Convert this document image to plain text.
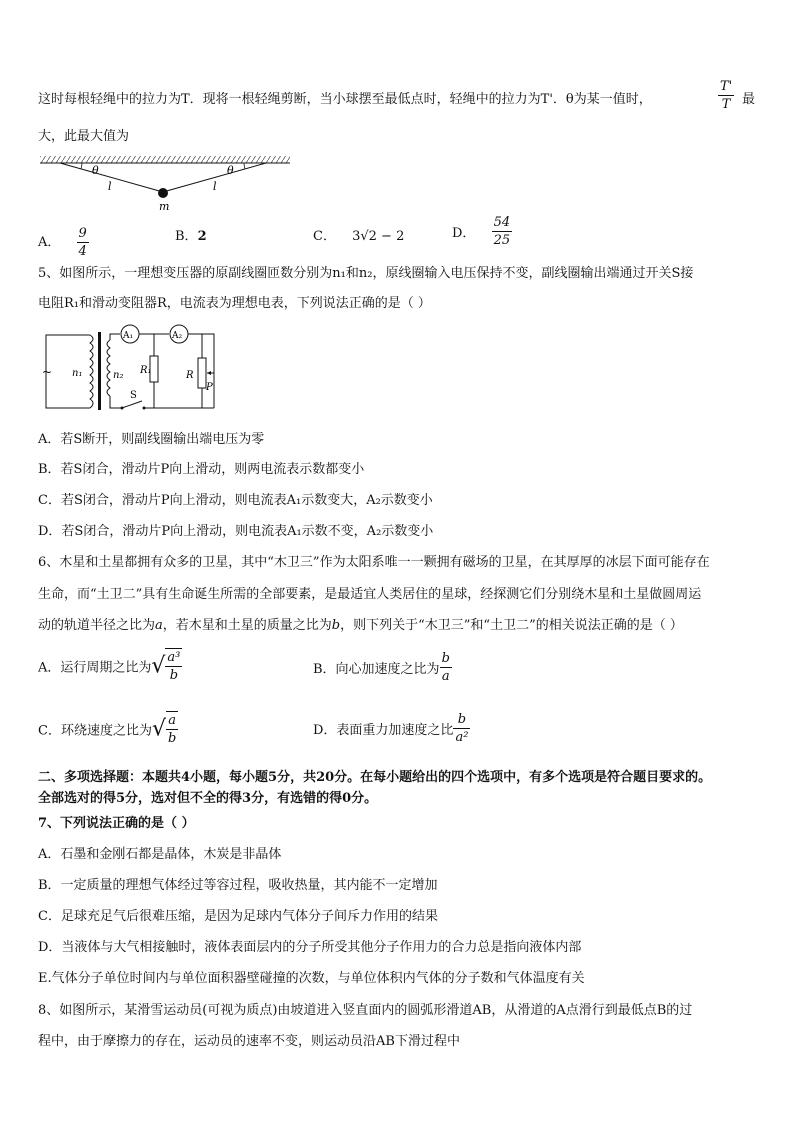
这时每根轻绳中的拉力为T．现将一根轻绳剪断，当小球摆至最低点时，轻绳中的拉力为T'．θ为某一值时，	$\frac{T'}{T}$ 最
大，此最大值为
θ	θ
l	l
m
A． $\frac{9}{4}$	B．2	C． 3√2 − 2	D． $\frac{54}{25}$
5、如图所示，一理想变压器的原副线圈匝数分别为n₁和n₂，原线圈输入电压保持不变，副线圈输出端通过开关S接
电阻R₁和滑动变阻器R，电流表为理想电表，下列说法正确的是（ ）
~ n₁	n₂
A₁	A₂
S
R₁	R
P
A．若S断开，则副线圈输出端电压为零
B．若S闭合，滑动片P向上滑动，则两电流表示数都变小
C．若S闭合，滑动片P向上滑动，则电流表A₁示数变大，A₂示数变小
D．若S闭合，滑动片P向上滑动，则电流表A₁示数不变，A₂示数变小
6、木星和土星都拥有众多的卫星，其中“木卫三”作为太阳系唯一一颗拥有磁场的卫星，在其厚厚的冰层下面可能存在
生命，而“土卫二”具有生命诞生所需的全部要素，是最适宜人类居住的星球，经探测它们分别绕木星和土星做圆周运
动的轨道半径之比为a，若木星和土星的质量之比为b，则下列关于“木卫三”和“土卫二”的相关说法正确的是（ ）
A．运行周期之比为√ $\frac{\text{a³}}{b}$	B．向心加速度之比为 $\frac{b}{a}$
C．环绕速度之比为√ $\frac{a}{b}$	D．表面重力加速度之比 $\frac{b}{\text{a²}}$
二、多项选择题：本题共4小题，每小题5分，共20分。在每小题给出的四个选项中，有多个选项是符合题目要求的。
全部选对的得5分，选对但不全的得3分，有选错的得0分。
7、下列说法正确的是（ ）
A．石墨和金刚石都是晶体，木炭是非晶体
B．一定质量的理想气体经过等容过程，吸收热量，其内能不一定增加
C．足球充足气后很难压缩，是因为足球内气体分子间斥力作用的结果
D．当液体与大气相接触时，液体表面层内的分子所受其他分子作用力的合力总是指向液体内部
E.气体分子单位时间内与单位面积器壁碰撞的次数，与单位体积内气体的分子数和气体温度有关
8、如图所示，某滑雪运动员(可视为质点)由坡道进入竖直面内的圆弧形滑道AB，从滑道的A点滑行到最低点B的过
程中，由于摩擦力的存在，运动员的速率不变，则运动员沿AB下滑过程中
